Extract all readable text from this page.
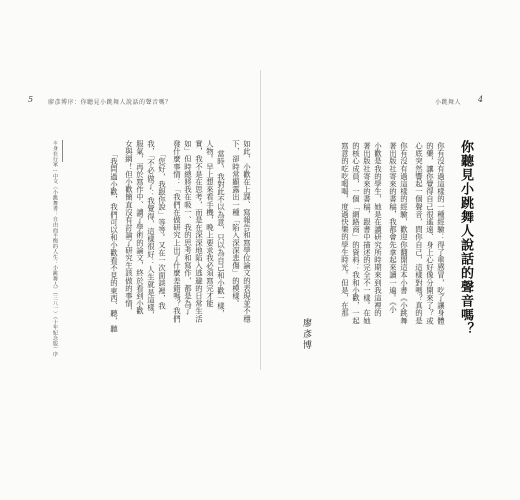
5 廖彥博序：你聽見小跳舞人說話的聲音嗎？
如此，小歡在上課、寫報告和寫學位論文的表現並不穩
下，卻時常顯露出一種「陷入深深悲傷」的模樣。
當時，我對此不以為意，只以為自己和小歡一樣，
人物。早上想來看手機，晚上要求我必須寫完才能
實，我不是在思考，而是在深深地陷入逃避的日常生活
如」但時總將我在吸一、我的思考和寫作，都是為了
發什麼事情：「我們在做研究上出了什麼差錯嗎？我們
「您好，我跟你說」等等。又在一次面談裡，我
我，「不必做了：我覺得，這樣很好：人生就是這樣，
服氣，再於寫作中、讀了學術的論文，終於看到小歡
女與網！但小歡簡直沒有討論了研究生該做的事情，
「我問過小歡，我們可以和小歡看不見的東西、聽，聽
＊身在行家…中文《小跳舞書：自由而平衡的人生：小跳舞人》（三八一）（十年紀念版）序
小跳舞人 4
你聽見小跳舞人說話的聲音嗎？
你有沒有過這樣的一種經驗：得了重感冒，吃了讓身體
的藥，讓你覺得自己很遙遠、身上心好像分開來了？或
心底突然響起一個聲音，問你自己，這樣對嗎？真的是
你有沒有過這樣的經驗，歡迎你翻開這本小書《小跳舞
著出版社寄來的書稿，我都會先拿起來讀一遍。《小
小歡是我的學生，她是在讀研究所時期來到我這裡的
著出版社寄來的書稿，跟書中描述的完全不一樣。在她
的核心成員，一個「網路商」的資料：我和小歡，一起
寫意的吃吃喝喝，度過快樂的學生時光。但是，在那
廖彥博
